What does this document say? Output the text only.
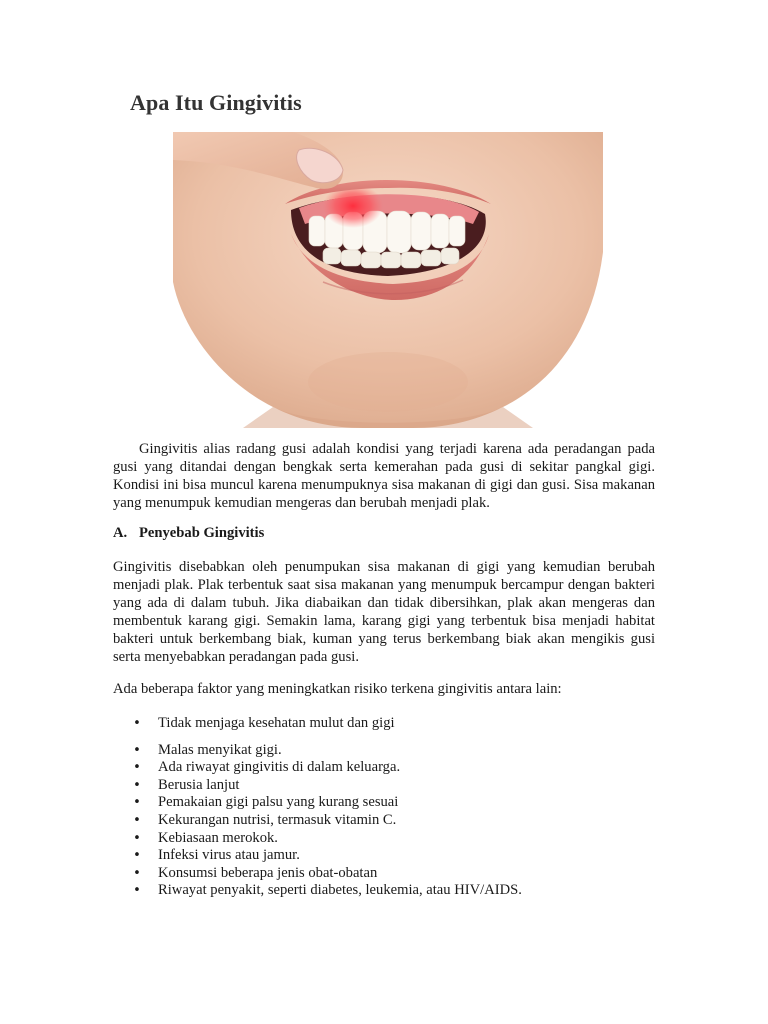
Apa Itu Gingivitis

Gingivitis alias radang gusi adalah kondisi yang terjadi karena ada peradangan pada gusi yang ditandai dengan bengkak serta kemerahan pada gusi di sekitar pangkal gigi. Kondisi ini bisa muncul karena menumpuknya sisa makanan di gigi dan gusi. Sisa makanan yang menumpuk kemudian mengeras dan berubah menjadi plak.

A. Penyebab Gingivitis

Gingivitis disebabkan oleh penumpukan sisa makanan di gigi yang kemudian berubah menjadi plak. Plak terbentuk saat sisa makanan yang menumpuk bercampur dengan bakteri yang ada di dalam tubuh. Jika diabaikan dan tidak dibersihkan, plak akan mengeras dan membentuk karang gigi. Semakin lama, karang gigi yang terbentuk bisa menjadi habitat bakteri untuk berkembang biak, kuman yang terus berkembang biak akan mengikis gusi serta menyebabkan peradangan pada gusi.

Ada beberapa faktor yang meningkatkan risiko terkena gingivitis antara lain:

• Tidak menjaga kesehatan mulut dan gigi
• Malas menyikat gigi.
• Ada riwayat gingivitis di dalam keluarga.
• Berusia lanjut
• Pemakaian gigi palsu yang kurang sesuai
• Kekurangan nutrisi, termasuk vitamin C.
• Kebiasaan merokok.
• Infeksi virus atau jamur.
• Konsumsi beberapa jenis obat-obatan
• Riwayat penyakit, seperti diabetes, leukemia, atau HIV/AIDS.
